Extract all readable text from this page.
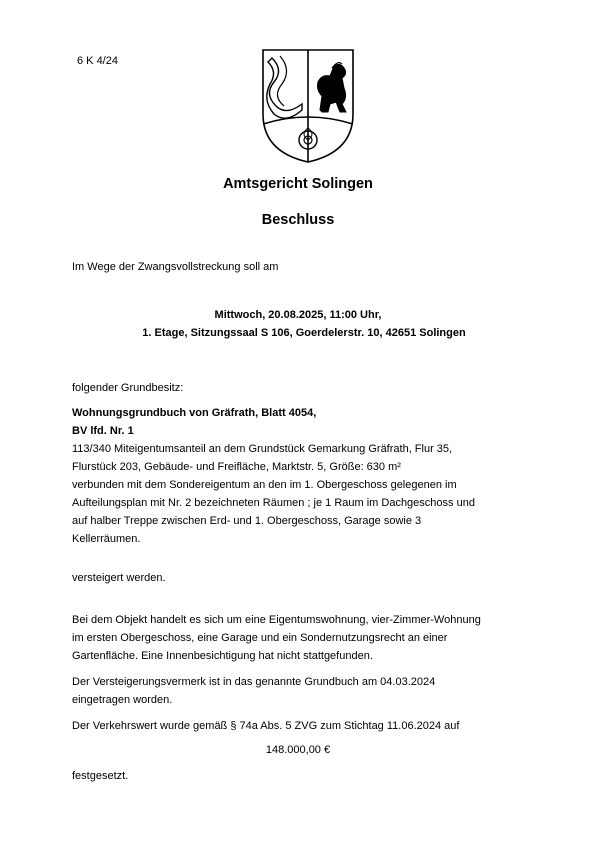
6 K 4/24
Amtsgericht Solingen
Beschluss
Im Wege der Zwangsvollstreckung soll am
Mittwoch, 20.08.2025, 11:00 Uhr,
1. Etage, Sitzungssaal S 106, Goerdelerstr. 10, 42651 Solingen
folgender Grundbesitz:
Wohnungsgrundbuch von Gräfrath, Blatt 4054,
BV lfd. Nr. 1
113/340 Miteigentumsanteil an dem Grundstück Gemarkung Gräfrath, Flur 35,
Flurstück 203, Gebäude- und Freifläche, Marktstr. 5, Größe: 630 m²
verbunden mit dem Sondereigentum an den im 1. Obergeschoss gelegenen im
Aufteilungsplan mit Nr. 2 bezeichneten Räumen ; je 1 Raum im Dachgeschoss und
auf halber Treppe zwischen Erd- und 1. Obergeschoss, Garage sowie 3
Kellerräumen.
versteigert werden.
Bei dem Objekt handelt es sich um eine Eigentumswohnung, vier-Zimmer-Wohnung
im ersten Obergeschoss, eine Garage und ein Sondernutzungsrecht an einer
Gartenfläche. Eine Innenbesichtigung hat nicht stattgefunden.
Der Versteigerungsvermerk ist in das genannte Grundbuch am 04.03.2024
eingetragen worden.
Der Verkehrswert wurde gemäß § 74a Abs. 5 ZVG zum Stichtag 11.06.2024 auf
148.000,00 €
festgesetzt.
